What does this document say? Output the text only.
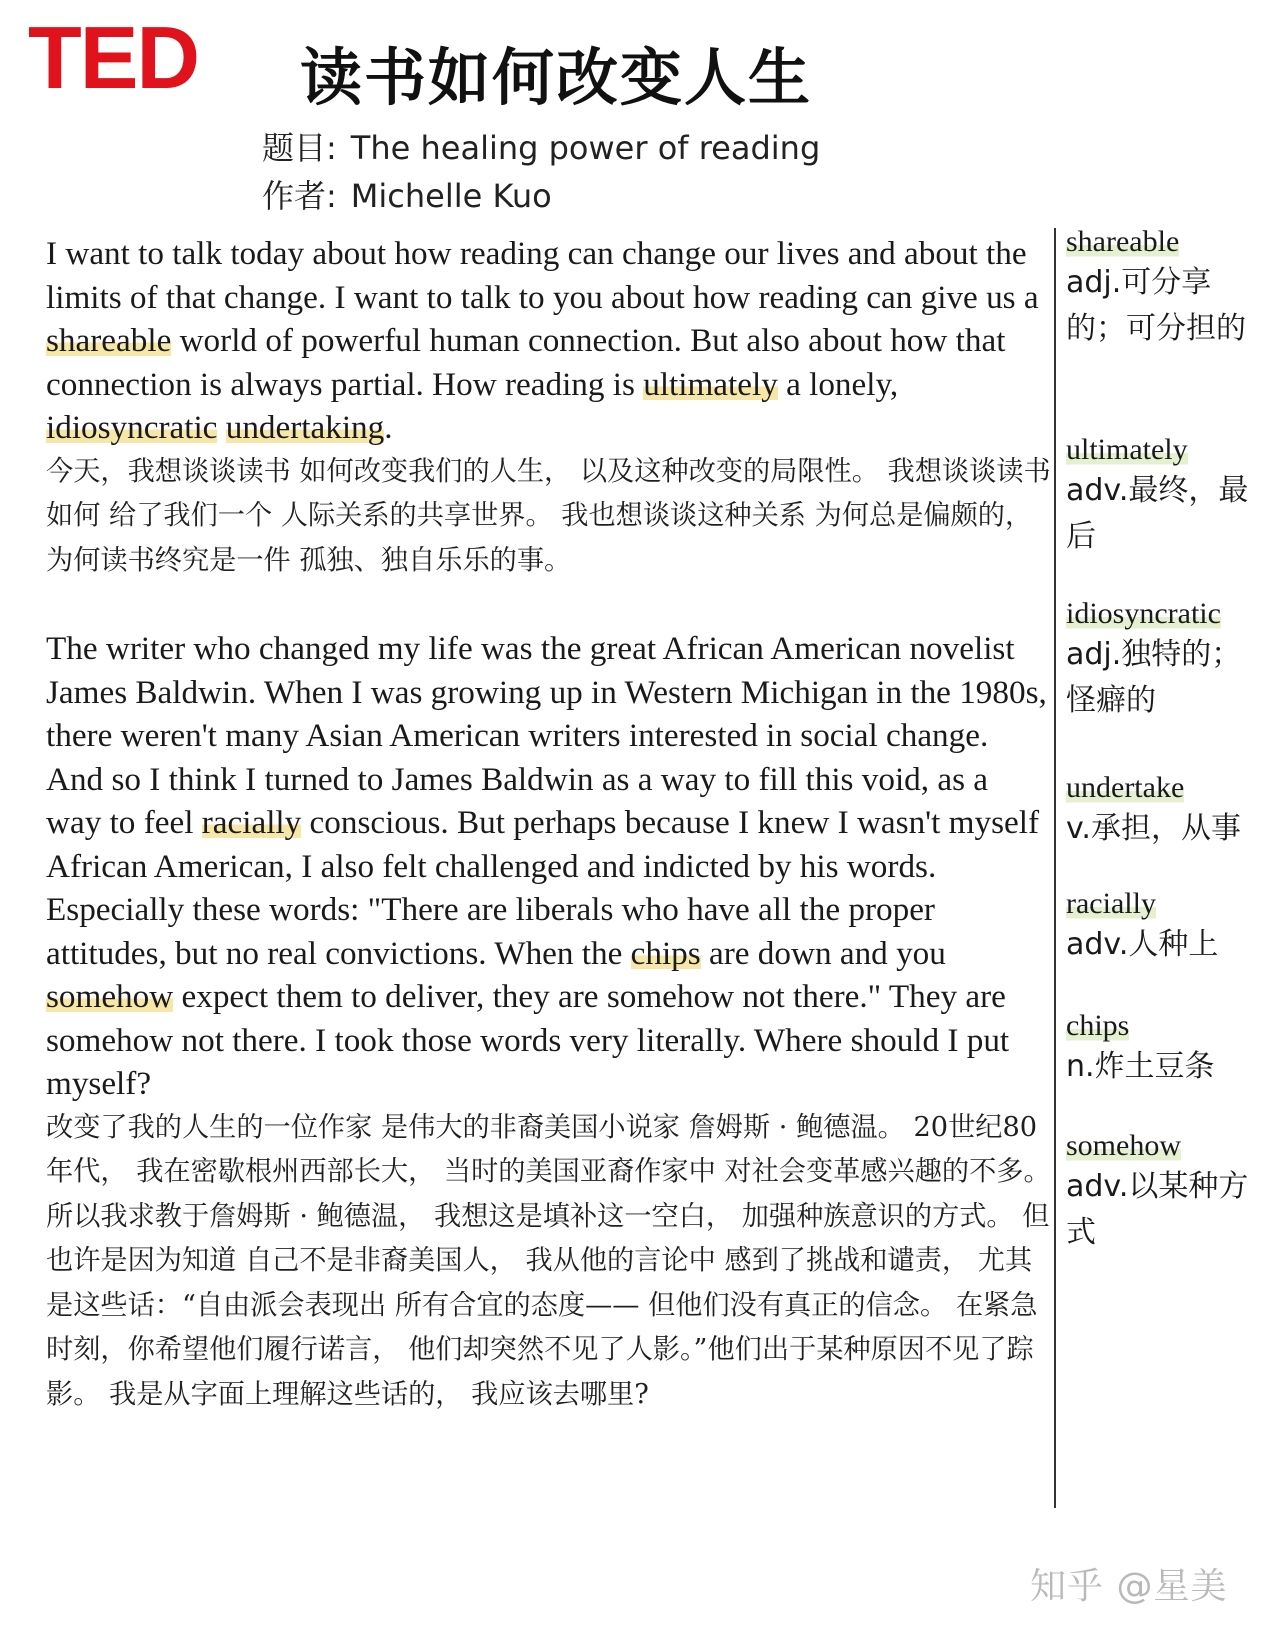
TED 读书如何改变人生
题目: The healing power of reading
作者: Michelle Kuo

I want to talk today about how reading can change our lives and about the limits of that change. I want to talk to you about how reading can give us a shareable world of powerful human connection. But also about how that connection is always partial. How reading is ultimately a lonely, idiosyncratic undertaking.

今天，我想谈谈读书 如何改变我们的人生， 以及这种改变的局限性。 我想谈谈读书如何 给了我们一个 人际关系的共享世界。 我也想谈谈这种关系 为何总是偏颇的， 为何读书终究是一件 孤独、独自乐乐的事。

The writer who changed my life was the great African American novelist James Baldwin. When I was growing up in Western Michigan in the 1980s, there weren't many Asian American writers interested in social change. And so I think I turned to James Baldwin as a way to fill this void, as a way to feel racially conscious. But perhaps because I knew I wasn't myself African American, I also felt challenged and indicted by his words. Especially these words: "There are liberals who have all the proper attitudes, but no real convictions. When the chips are down and you somehow expect them to deliver, they are somehow not there." They are somehow not there. I took those words very literally. Where should I put myself?

改变了我的人生的一位作家 是伟大的非裔美国小说家 詹姆斯 · 鲍德温。 20世纪80年代， 我在密歇根州西部长大， 当时的美国亚裔作家中 对社会变革感兴趣的不多。 所以我求教于詹姆斯 · 鲍德温， 我想这是填补这一空白， 加强种族意识的方式。 但也许是因为知道 自己不是非裔美国人， 我从他的言论中 感到了挑战和谴责， 尤其是这些话：“自由派会表现出 所有合宜的态度—— 但他们没有真正的信念。 在紧急时刻，你希望他们履行诺言， 他们却突然不见了人影。”他们出于某种原因不见了踪影。 我是从字面上理解这些话的， 我应该去哪里?

shareable
adj.可分享的；可分担的
ultimately
adv.最终，最后
idiosyncratic
adj.独特的；怪癖的
undertake
v.承担，从事
racially
adv.人种上
chips
n.炸土豆条
somehow
adv.以某种方式
知乎 @星美
